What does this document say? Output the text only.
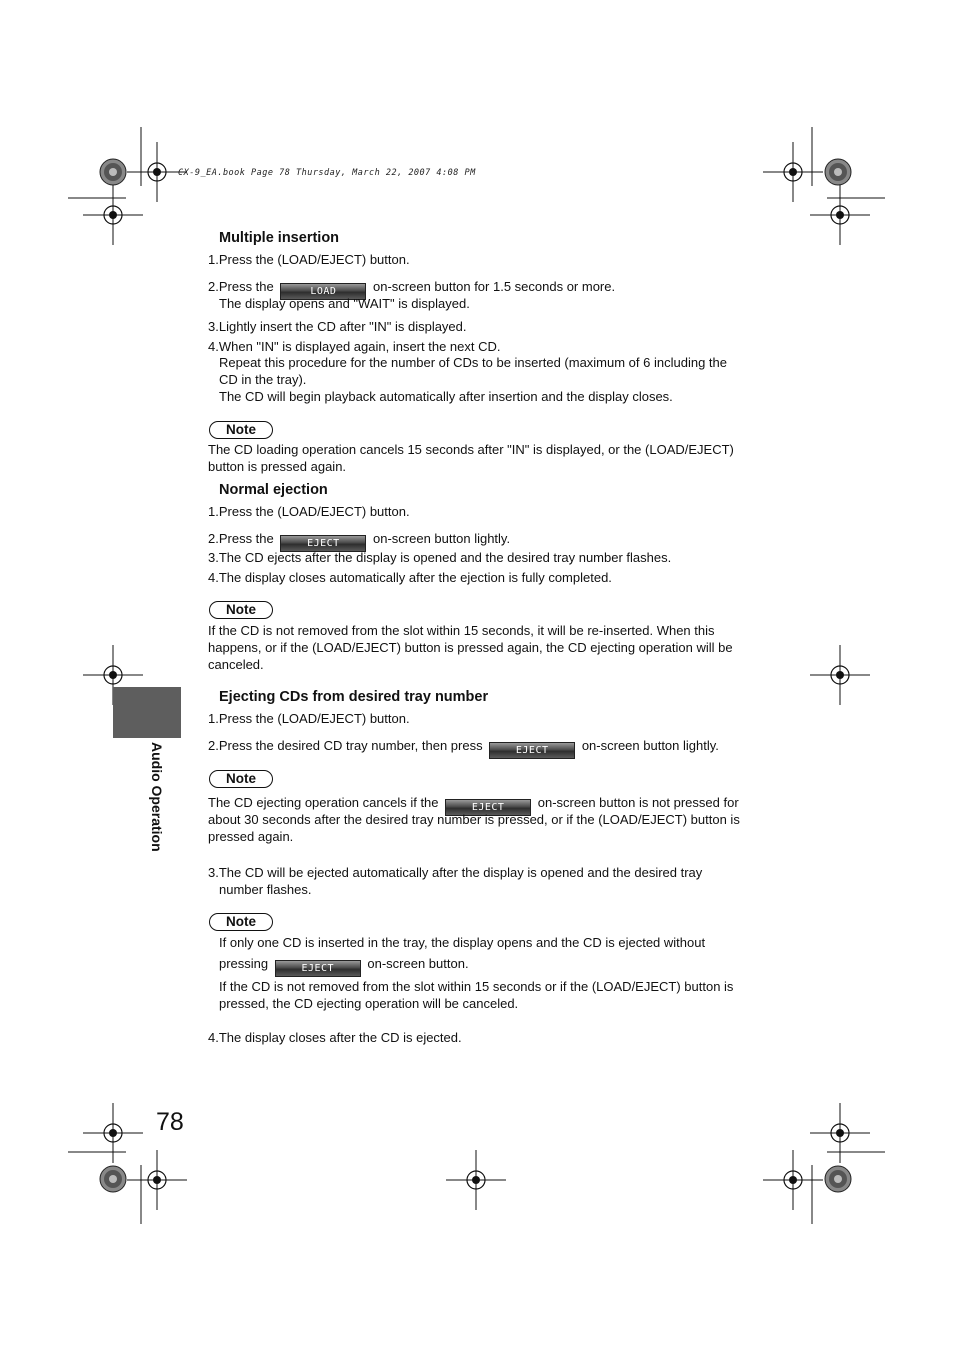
CX-9_EA.book Page 78 Thursday, March 22, 2007 4:08 PM
Audio Operation
78
Multiple insertion
1.Press the (LOAD/EJECT) button.
2.Press the	LOAD	on-screen button for 1.5 seconds or more.
The display opens and "WAIT" is displayed.
3.Lightly insert the CD after "IN" is displayed.
4.When "IN" is displayed again, insert the next CD.
Repeat this procedure for the number of CDs to be inserted (maximum of 6 including the
CD in the tray).
The CD will begin playback automatically after insertion and the display closes.
Note
The CD loading operation cancels 15 seconds after "IN" is displayed, or the (LOAD/EJECT)
button is pressed again.
Normal ejection
1.Press the (LOAD/EJECT) button.
2.Press the	EJECT	on-screen button lightly.
3.The CD ejects after the display is opened and the desired tray number flashes.
4.The display closes automatically after the ejection is fully completed.
Note
If the CD is not removed from the slot within 15 seconds, it will be re-inserted. When this
happens, or if the (LOAD/EJECT) button is pressed again, the CD ejecting operation will be
canceled.
Ejecting CDs from desired tray number
1.Press the (LOAD/EJECT) button.
2.Press the desired CD tray number, then press	EJECT	on-screen button lightly.
Note
The CD ejecting operation cancels if the	EJECT	on-screen button is not pressed for
about 30 seconds after the desired tray number is pressed, or if the (LOAD/EJECT) button is
pressed again.
3.The CD will be ejected automatically after the display is opened and the desired tray
number flashes.
Note
If only one CD is inserted in the tray, the display opens and the CD is ejected without
pressing	EJECT	on-screen button.
If the CD is not removed from the slot within 15 seconds or if the (LOAD/EJECT) button is
pressed, the CD ejecting operation will be canceled.
4.The display closes after the CD is ejected.
